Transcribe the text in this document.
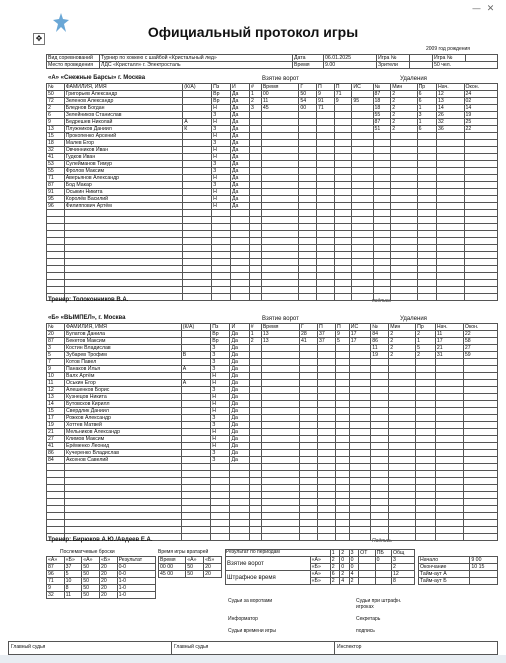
— ✕
✥	Официальный протокол игры
2009 год рождения
Вид соревнований	Турнир по хоккею с шайбой «Кристальный лед»	Дата	06.01.2025	Игра №		Игра №	
Место проведения	ЛДС «Кристалл» г. Электросталь	Время	9.00	Зрители		50 чел.	
«А» «Снежные Барсы» г. Москва	Взятие ворот	Удаления
№	ФАМИЛИЯ, ИМЯ	(К/А)	Пз	И	#	Время	Г	П	П	ИС	№	Мин	Пр	Нач.	Окон.
50	Григорьев Александр		Вр	Да	1	00	50	9	71		87	2	6	12	24
72	Зеленов Александр		Вр	Да	2	11	54	91	9	95	18	2	6	13	02
2	Бледнов Богдан		Н	Да	3	45	00	71			18	2	1	14	14
6	Зелейников Станислав		З	Да							55	2	3	26	19
9	Бедрешев Николай	А	Н	Да							87	2	1	32	25
13	Плужников Даниил	К	З	Да							51	2	6	36	22
15	Прокопенко Арсений		Н	Да											
18	Малев Егор		З	Да											
32	Овчинников Иван		Н	Да											
41	Гудков Иван		Н	Да											
53	Сулейманов Тимур		З	Да											
55	Фролов Максим		З	Да											
71	Аверьянов Александр		Н	Да											
87	Бод Макар		З	Да											
91	Осыкин Никита		Н	Да											
95	Королёв Василий		Н	Да											
96	Филиппович Артём		Н	Да											

Тренер: Толоконников В.А.	подпись
«Б» «ВЫМПЕЛ», г. Москва	Взятие ворот	Удаления
№	ФАМИЛИЯ, ИМЯ	(К/А)	Пз	И	#	Время	Г	П	П	ИС	№	Мин	Пр	Нач.	Окон.
20	Булатов Данила		Вр	Да	1	13	28	37	9	17	84	2	2	11	22
87	Бекетов Максим		Вр	Да	2	13	41	37	5	17	86	2	1	17	58
3	Костин Владислав		З	Да							11	2	5	21	27
5	Зубарев Трофим	В	З	Да							19	2	2	31	59
7	Котов Павел		З	Да											
9	Панаков Илья	А	З	Да											
10	Валх Артём		Н	Да											
11	Оськин Егор	А	Н	Да											
12	Алешенков Борис		З	Да											
13	Кузнецов Никита		Н	Да											
14	Бутовсков Кирилл		Н	Да											
15	Свердлик Даниил		Н	Да											
17	Рожков Александр		З	Да											
19	Хоттев Матвей		З	Да											
21	Мельников Александр		Н	Да											
27	Климов Максим		Н	Да											
41	Ерёменко Леонид		Н	Да											
86	Кучеренко Владислав		З	Да											
84	Аксенов Савелий		З	Да											

Тренер: Бирюков А.Ю./Авдеев Е.А.	Подпись
Послематчевые броски	Время игры вратарей	Результат по периодам
«А»	«Б»	«А»	«Б»	Результат
87	37	50	20	0-0
96	5	50	20	0-0
71	10	50	20	1-0
9	8	50	20	1-0
32	11	50	20	1-0
Время	«А»	«Б»
00 00	50	20
45 00	50	20
		1	2	3	ОТ	ПБ	Общ
Взятие ворот	«А»	2	0	0		0	3
	«Б»	2	0	0			2
Штрафное время	«А»	6	2	4			12
	«Б»	2	4	2			8
Начало	9 00
Окончание	10 15
Тайм-аут А	
Тайм-аут Б	
Судьи за воротами
Информатор
Судьи времени игры
Судьи при штрафн. игроках
Секретарь
подпись
Главный судья	Главный судья	Инспектор
